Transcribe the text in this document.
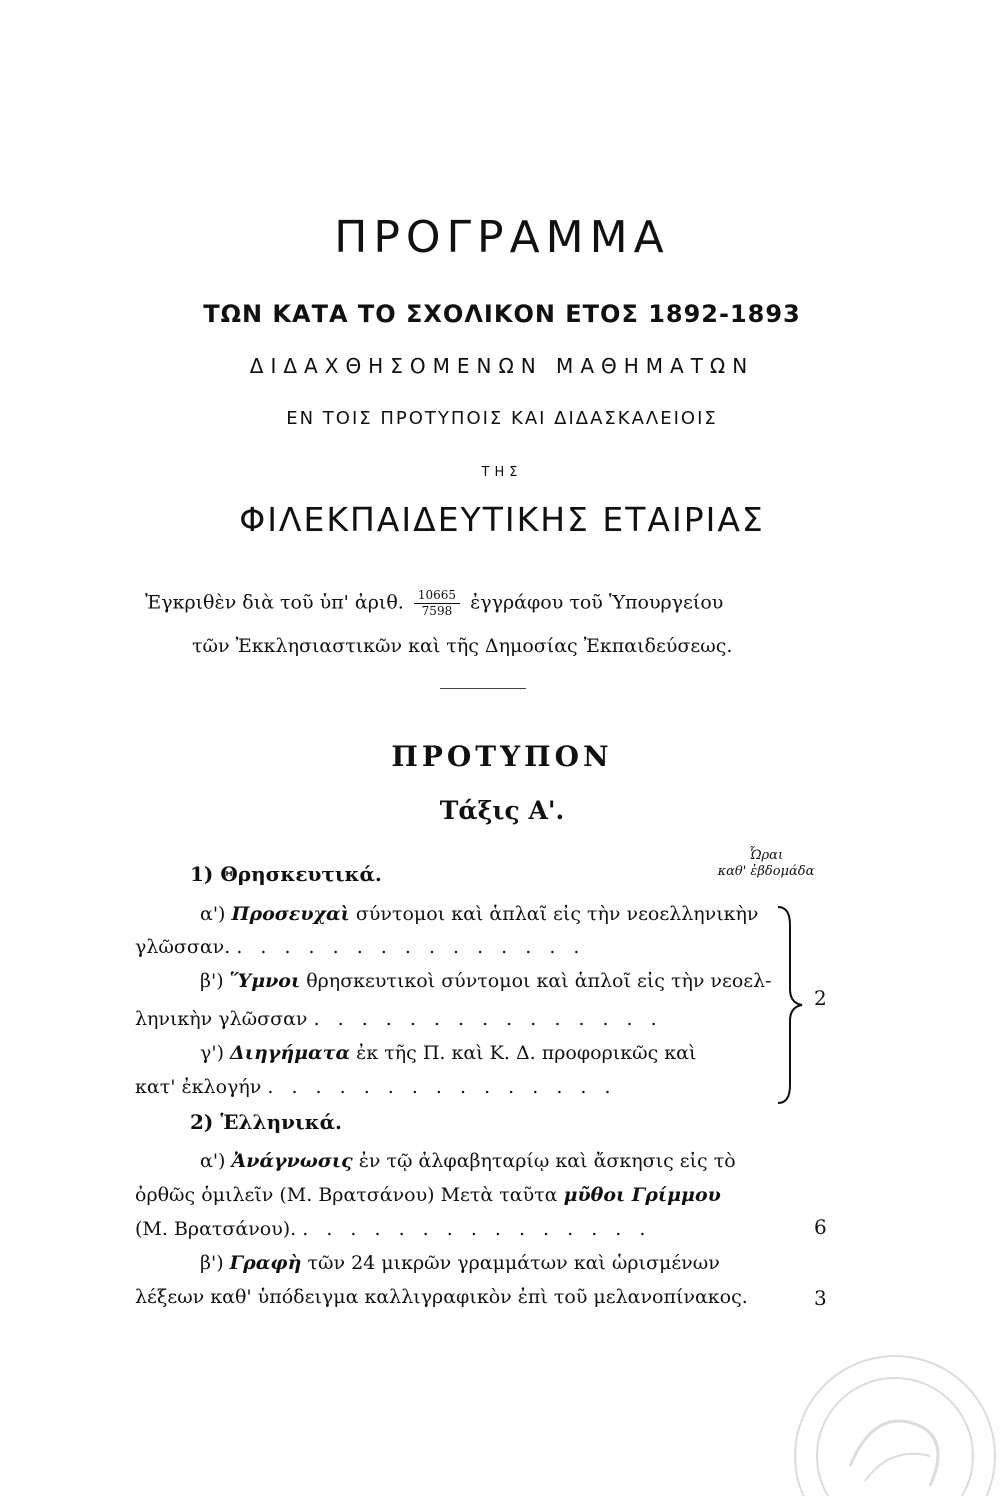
ΠΡΟΓΡΑΜΜΑ
ΤΩΝ ΚΑΤΑ ΤΟ ΣΧΟΛΙΚΟΝ ΕΤΟΣ 1892-1893
ΔΙΔΑΧΘΗΣΟΜΕΝΩΝ ΜΑΘΗΜΑΤΩΝ
ΕΝ ΤΟΙΣ ΠΡΟΤΥΠΟΙΣ ΚΑΙ ΔΙΔΑΣΚΑΛΕΙΟΙΣ
ΤΗΣ
ΦΙΛΕΚΠΑΙΔΕΥΤΙΚΗΣ ΕΤΑΙΡΙΑΣ
Ἐγκριθὲν διὰ τοῦ ὑπ' ἀριθ. $\frac{10665}{7598}$ ἐγγράφου τοῦ Ὑπουργείου
τῶν Ἐκκλησιαστικῶν καὶ τῆς Δημοσίας Ἐκπαιδεύσεως.
ΠΡΟΤΥΠΟΝ
Τάξις Α'.
Ὧραι
καθ' ἑβδομάδα
1) Θρησκευτικά.
α') Προσευχαὶ σύντομοι καὶ ἁπλαῖ εἰς τὴν νεοελληνικὴν
γλῶσσαν. . . . . . . . . . . . . . . .
β') Ὕμνοι θρησκευτικοὶ σύντομοι καὶ ἁπλοῖ εἰς τὴν νεοελ-
ληνικὴν γλῶσσαν . . . . . . . . . . . . . . .
γ') Διηγήματα ἐκ τῆς Π. καὶ Κ. Δ. προφορικῶς καὶ
κατ' ἐκλογήν . . . . . . . . . . . . . . .
2
2) Ἑλληνικά.
α') Ἀνάγνωσις ἐν τῷ ἀλφαβηταρίῳ καὶ ἄσκησις εἰς τὸ
ὀρθῶς ὁμιλεῖν (Μ. Βρατσάνου) Μετὰ ταῦτα μῦθοι Γρίμμου
(Μ. Βρατσάνου). . . . . . . . . . . . . . . .	6
β') Γραφὴ τῶν 24 μικρῶν γραμμάτων καὶ ὡρισμένων
λέξεων καθ' ὑπόδειγμα καλλιγραφικὸν ἐπὶ τοῦ μελανοπίνακος.	3
